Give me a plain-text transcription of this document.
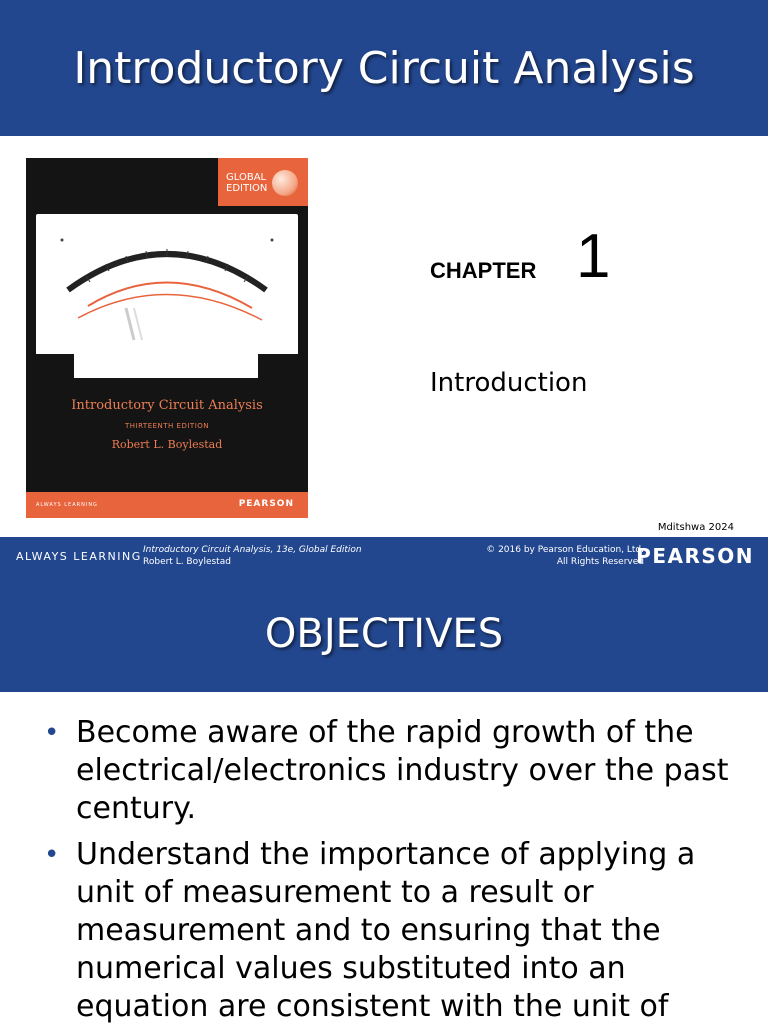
Introductory Circuit Analysis
GLOBAL
EDITION
Introductory Circuit Analysis
THIRTEENTH EDITION
Robert L. Boylestad
ALWAYS LEARNING	PEARSON
CHAPTER 1
Introduction
Mditshwa 2024
ALWAYS LEARNING Introductory Circuit Analysis, 13e, Global Edition
Robert L. Boylestad
© 2016 by Pearson Education, Ltd.
All Rights Reserved
PEARSON
OBJECTIVES
• Become aware of the rapid growth of the electrical/electronics industry over the past century.
• Understand the importance of applying a unit of measurement to a result or measurement and to ensuring that the numerical values substituted into an equation are consistent with the unit of
